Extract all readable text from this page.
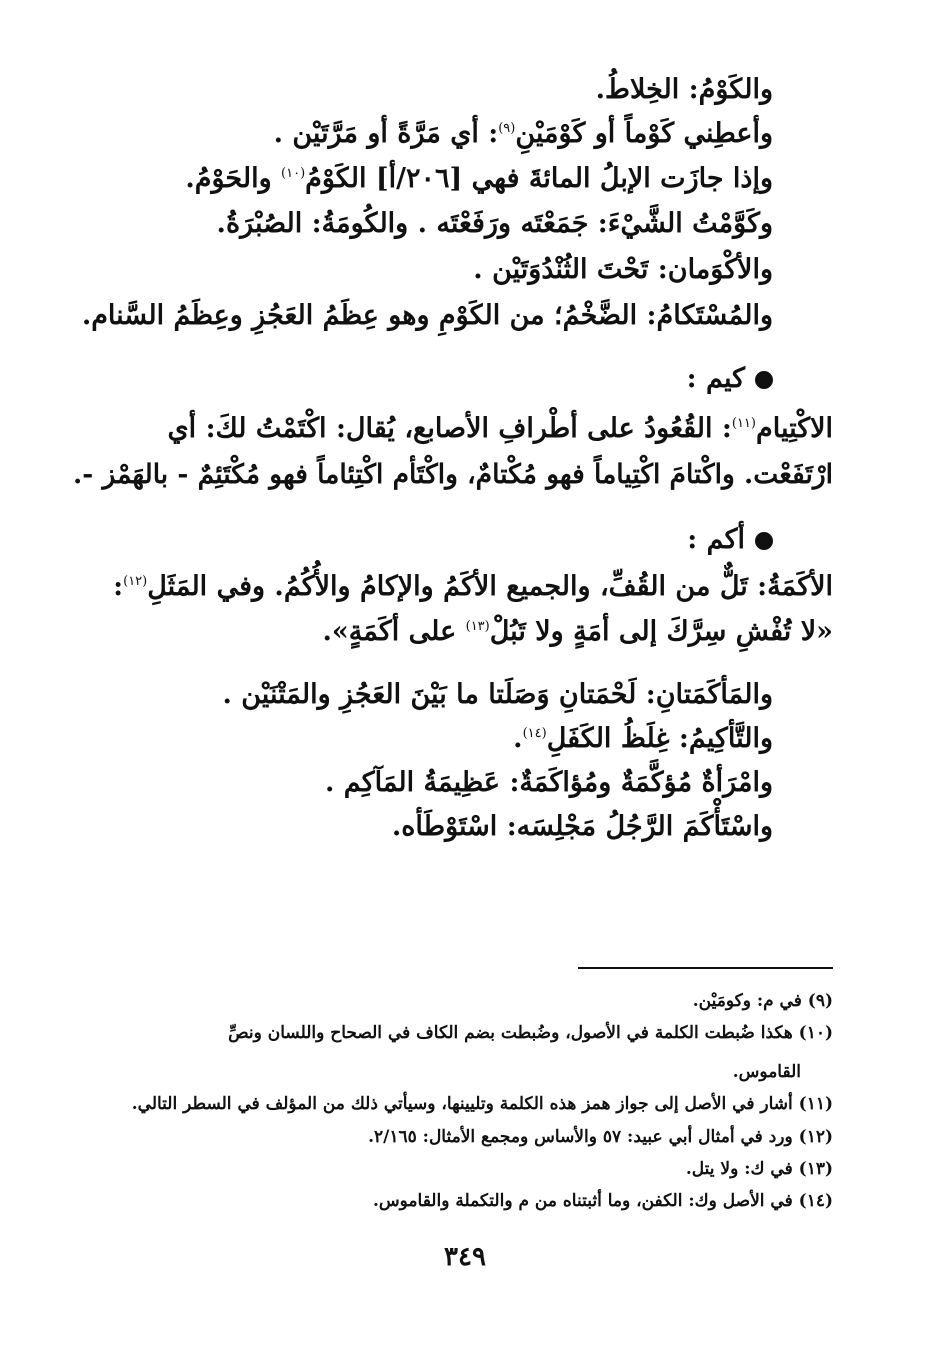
والكَوْمُ: الخِلاطُ.
وأعطِني كَوْماً أو كَوْمَيْنِ$^{(٩)}$: أي مَرَّةً أو مَرَّتَيْن .
وإذا جازَت الإبلُ المائةَ فهي [٢٠٦/أ] الكَوْمُ$^{(١٠)}$ والحَوْمُ.
وكَوَّمْتُ الشَّيْءَ: جَمَعْتَه ورَفَعْتَه . والكُومَةُ: الصُبْرَةُ.
والأكْوَمان: تَحْتَ الثُنْدُوَتَيْن .
والمُسْتَكامُ: الضَّخْمُ؛ من الكَوْمِ وهو عِظَمُ العَجُزِ وعِظَمُ السَّنام.
كيم :
الاكْتِيام$^{(١١)}$: القُعُودُ على أطْرافِ الأصابع، يُقال: اكْتَمْتُ لكَ: أي
ارْتَفَعْت. واكْتامَ اكْتِياماً فهو مُكْتامٌ، واكْتَأم اكْتِئاماً فهو مُكْتَئِمٌ - بالهَمْز -.
أكم :
الأكَمَةُ: تَلٌّ من القُفِّ، والجميع الأكَمُ والإكامُ والأُكُمُ. وفي المَثَلِ$^{(١٢)}$:
«لا تُفْشِ سِرَّكَ إلى أمَةٍ ولا تَبُلْ$^{(١٣)}$ على أكَمَةٍ».
والمَأكَمَتانِ: لَحْمَتانِ وَصَلَتا ما بَيْنَ العَجُزِ والمَتْنَيْن .
والتَّأكِيمُ: غِلَظُ الكَفَلِ$^{(١٤)}$.
وامْرَأةٌ مُؤكَّمَةٌ ومُؤاكَمَةٌ: عَظِيمَةُ المَآكِم .
واسْتَأْكَمَ الرَّجُلُ مَجْلِسَه: اسْتَوْطَأه.
(٩) في م: وكومَيْن.
(١٠) هكذا ضُبطت الكلمة في الأصول، وضُبطت بضم الكاف في الصحاح واللسان ونصِّ
القاموس.
(١١) أشار في الأصل إلى جواز همز هذه الكلمة وتليينها، وسيأتي ذلك من المؤلف في السطر التالي.
(١٢) ورد في أمثال أبي عبيد: ٥٧ والأساس ومجمع الأمثال: ٢/١٦٥.
(١٣) في ك: ولا يتل.
(١٤) في الأصل وك: الكفن، وما أثبتناه من م والتكملة والقاموس.
٣٤٩
